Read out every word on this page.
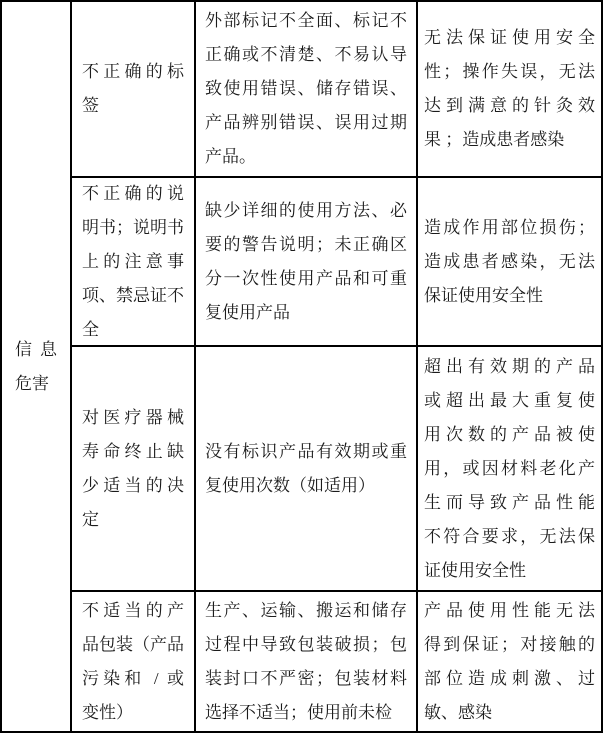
信息
危害
不正确的标
签
外部标记不全面、标记不
正确或不清楚、不易认导
致使用错误、储存错误、
产品辨别错误、误用过期
产品。
无法保证使用安全
性；操作失误，无法
达到满意的针灸效
果 ；造成患者感染
不正确的说
明书；说明书
上的注意事
项、禁忌证不
全
缺少详细的使用方法、必
要的警告说明；未正确区
分一次性使用产品和可重
复使用产品
造成作用部位损伤；
造成患者感染，无法
保证使用安全性
对医疗器械
寿命终止缺
少适当的决
定
没有标识产品有效期或重
复使用次数（如适用）
超出有效期的产品
或超出最大重复使
用次数的产品被使
用，或因材料老化产
生而导致产品性能
不符合要求，无法保
证使用安全性
不适当的产
品包装（产品
污染和 / 或
变性）
生产、运输、搬运和储存
过程中导致包装破损；包
装封口不严密；包装材料
选择不适当；使用前未检
产品使用性能无法
得到保证；对接触的
部位造成刺激、过
敏、感染
